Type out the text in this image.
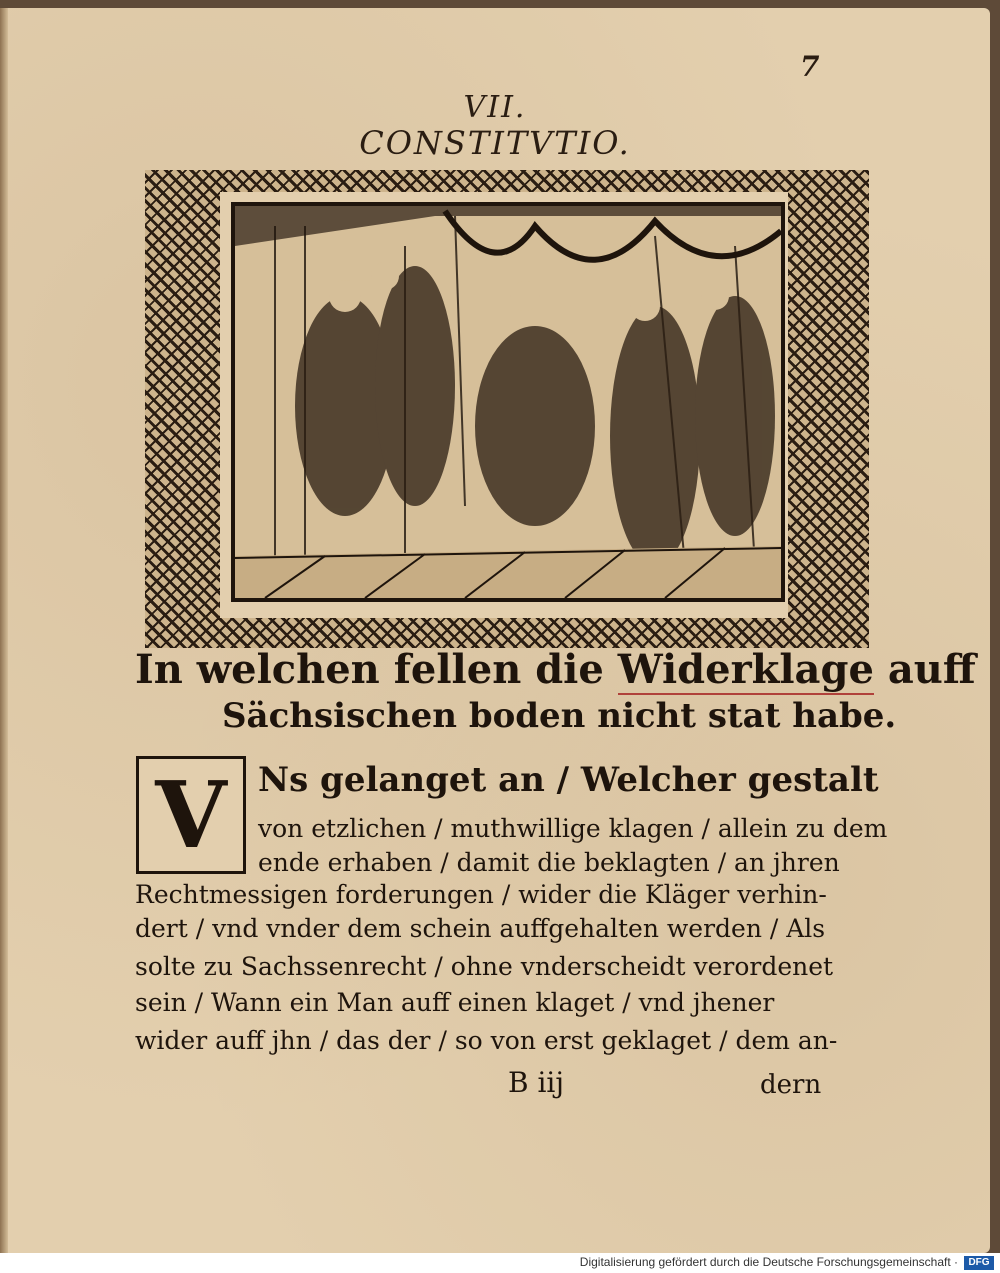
7
VII.
CONSTITVTIO.
In welchen fellen die Widerklage auff
Sächsischen boden nicht stat habe.
V Ns gelanget an / Welcher gestalt
von etzlichen / muthwillige klagen / allein zu dem
ende erhaben / damit die beklagten / an jhren
Rechtmessigen forderungen / wider die Kläger verhin-
dert / vnd vnder dem schein auffgehalten werden / Als
solte zu Sachssenrecht / ohne vnderscheidt verordenet
sein / Wann ein Man auff einen klaget / vnd jhener
wider auff jhn / das der / so von erst geklaget / dem an-
B iij	dern
Digitalisierung gefördert durch die Deutsche Forschungsgemeinschaft ·	DFG
